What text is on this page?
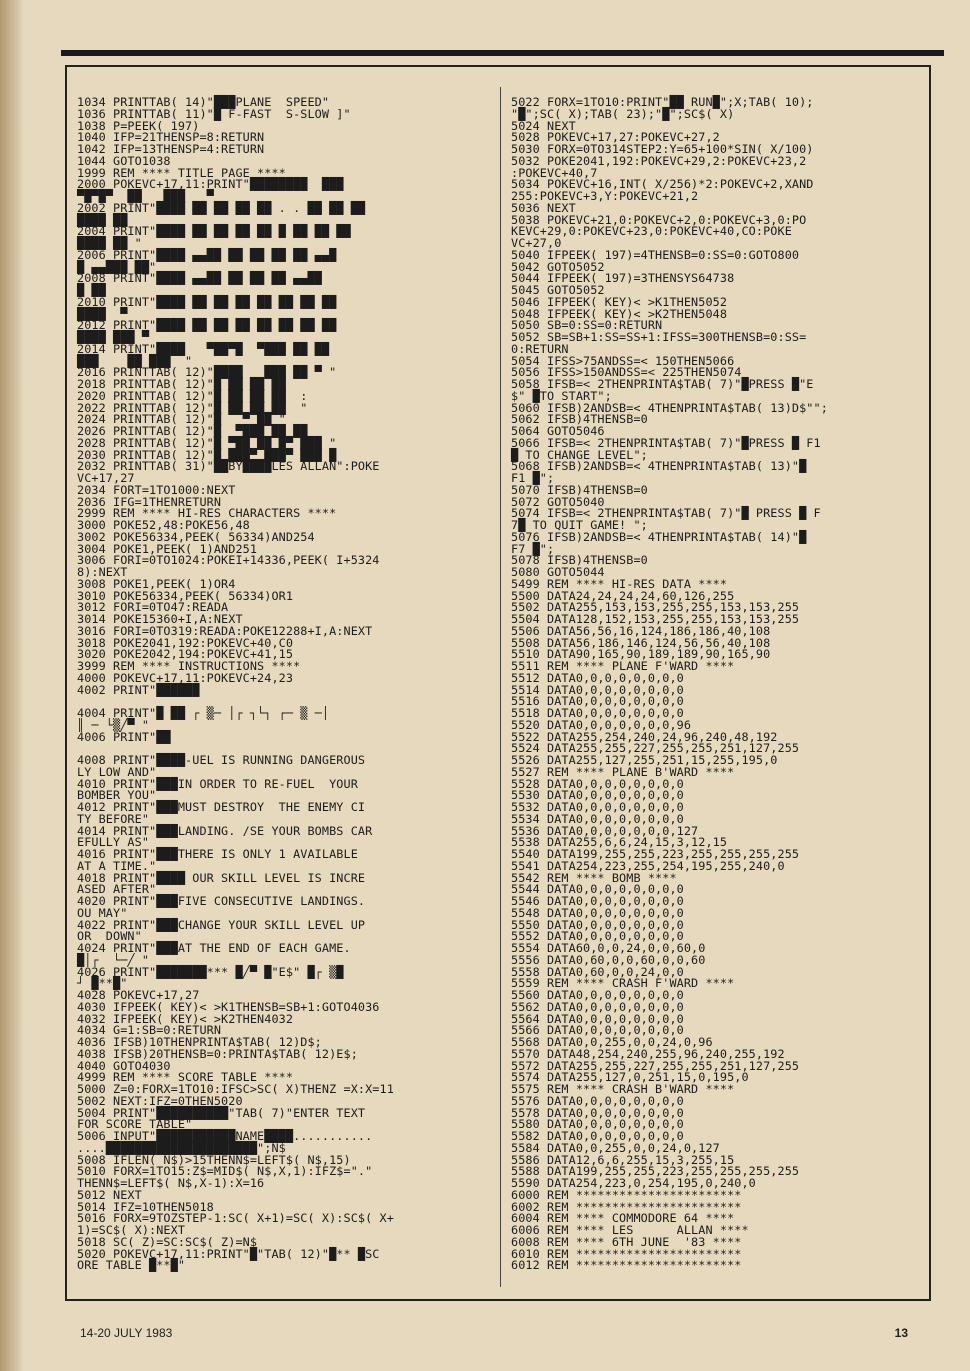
1034 PRINTTAB( 14)"███PLANE  SPEED"
1036 PRINTTAB( 11)"█ F-FAST  S-SLOW ]"
1038 P=PEEK( 197)
1040 IFP=21THENSP=8:RETURN
1042 IFP=13THENSP=4:RETURN
1044 GOTO1038
1999 REM **** TITLE PAGE ****
2000 POKEVC+17,11:PRINT"████████  ███
▀█▀█▀  ██   ███   ▀
2002 PRINT"████ ██ ██ ██ ██ . . ██ ██ ██
████ ██
2004 PRINT"████ ██ ██ ██ ██ █ ██ ██ ██
████ ██ "
2006 PRINT"████ ▄▄██ ██ ██ ██ ██ ▄▄█
█ ▄▄███ ██"
2008 PRINT"████ ▄▄██ ██ ██ ██ ▄▄██
█ ██
2010 PRINT"████ ██ ██ ██ ██ ██ ██ ██
████  ▀
2012 PRINT"████ ██ ██ ██ ██ ██ ██ ██
████ ███ ▀
2014 PRINT"████   ▀██▀█  ▀███ ██ ██
███    ██ ███  "
2016 PRINTTAB( 12)"████   ███ ██ ▀ "
2018 PRINTTAB( 12)"█ ██ ██ ██
2020 PRINTTAB( 12)"█ ██ ██ ██  :
2022 PRINTTAB( 12)"█ ██ ██ ██  "
2024 PRINTTAB( 12)"█   ▀ ██ "
2026 PRINTTAB( 12)"█  ▀███ ██ ██
2028 PRINTTAB( 12)"█ ▀██ ██ █▀ ███ "
2030 PRINTTAB( 12)"█ ███▀ ███▀ ███ █
2032 PRINTTAB( 31)"██BY████LES ALLAN":POKE
VC+17,27
2034 FORT=1TO1000:NEXT
2036 IFG=1THENRETURN
2999 REM **** HI-RES CHARACTERS ****
3000 POKE52,48:POKE56,48
3002 POKE56334,PEEK( 56334)AND254
3004 POKE1,PEEK( 1)AND251
3006 FORI=0TO1024:POKEI+14336,PEEK( I+5324
8):NEXT
3008 POKE1,PEEK( 1)OR4
3010 POKE56334,PEEK( 56334)OR1
3012 FORI=0TO47:READA
3014 POKE15360+I,A:NEXT
3016 FORI=0TO319:READA:POKE12288+I,A:NEXT
3018 POKE2041,192:POKEVC+40,C0
3020 POKE2042,194:POKEVC+41,15
3999 REM **** INSTRUCTIONS ****
4000 POKEVC+17,11:POKEVC+24,23
4002 PRINT"██████
4004 PRINT"█ ██ ┌ ▒─ │┌ ┐└┐ ┌─ ▒ ─│
║ ─ └▒╱▀ "
4006 PRINT"██
4008 PRINT"████-UEL IS RUNNING DANGEROUS
LY LOW AND"
4010 PRINT"███IN ORDER TO RE-FUEL  YOUR
BOMBER YOU"
4012 PRINT"███MUST DESTROY  THE ENEMY CI
TY BEFORE"
4014 PRINT"███LANDING. /SE YOUR BOMBS CAR
EFULLY AS"
4016 PRINT"███THERE IS ONLY 1 AVAILABLE
AT A TIME."
4018 PRINT"████ OUR SKILL LEVEL IS INCRE
ASED AFTER"
4020 PRINT"███FIVE CONSECUTIVE LANDINGS.
OU MAY"
4022 PRINT"███CHANGE YOUR SKILL LEVEL UP
OR  DOWN"
4024 PRINT"███AT THE END OF EACH GAME.
█│┌  └─╱ "
4026 PRINT"███████*** █╱▀ █"E$" █┌ ▒█
┘ █**█"
4028 POKEVC+17,27
4030 IFPEEK( KEY)< >K1THENSB=SB+1:GOTO4036
4032 IFPEEK( KEY)< >K2THEN4032
4034 G=1:SB=0:RETURN
4036 IFSB)10THENPRINTA$TAB( 12)D$;
4038 IFSB)20THENSB=0:PRINTA$TAB( 12)E$;
4040 GOTO4030
4999 REM **** SCORE TABLE ****
5000 Z=0:FORX=1TO10:IFSC>SC( X)THENZ =X:X=11
5002 NEXT:IFZ=0THEN5020
5004 PRINT"██████████"TAB( 7)"ENTER TEXT
FOR SCORE TABLE"
5006 INPUT"███████████NAME████...........
....█████████████████████";N$
5008 IFLEN( N$)>15THENN$=LEFT$( N$,15)
5010 FORX=1TO15:Z$=MID$( N$,X,1):IFZ$="."
THENN$=LEFT$( N$,X-1):X=16
5012 NEXT
5014 IFZ=10THEN5018
5016 FORX=9TOZSTEP-1:SC( X+1)=SC( X):SC$( X+
1)=SC$( X):NEXT
5018 SC( Z)=SC:SC$( Z)=N$
5020 POKEVC+17,11:PRINT"█"TAB( 12)"█** █SC
ORE TABLE █**█"
5022 FORX=1TO10:PRINT"██ RUN█";X;TAB( 10);
"█";SC( X);TAB( 23);"█";SC$( X)
5024 NEXT
5028 POKEVC+17,27:POKEVC+27,2
5030 FORX=0TO314STEP2:Y=65+100*SIN( X/100)
5032 POKE2041,192:POKEVC+29,2:POKEVC+23,2
:POKEVC+40,7
5034 POKEVC+16,INT( X/256)*2:POKEVC+2,XAND
255:POKEVC+3,Y:POKEVC+21,2
5036 NEXT
5038 POKEVC+21,0:POKEVC+2,0:POKEVC+3,0:PO
KEVC+29,0:POKEVC+23,0:POKEVC+40,CO:POKE
VC+27,0
5040 IFPEEK( 197)=4THENSB=0:SS=0:GOTO800
5042 GOTO5052
5044 IFPEEK( 197)=3THENSYS64738
5045 GOTO5052
5046 IFPEEK( KEY)< >K1THEN5052
5048 IFPEEK( KEY)< >K2THEN5048
5050 SB=0:SS=0:RETURN
5052 SB=SB+1:SS=SS+1:IFSS=300THENSB=0:SS=
0:RETURN
5054 IFSS>75ANDSS=< 150THEN5066
5056 IFSS>150ANDSS=< 225THEN5074
5058 IFSB=< 2THENPRINTA$TAB( 7)"█PRESS █"E
$" █TO START";
5060 IFSB)2ANDSB=< 4THENPRINTA$TAB( 13)D$"";
5062 IFSB)4THENSB=0
5064 GOTO5046
5066 IFSB=< 2THENPRINTA$TAB( 7)"█PRESS █ F1
█ TO CHANGE LEVEL";
5068 IFSB)2ANDSB=< 4THENPRINTA$TAB( 13)"█
F1 █";
5070 IFSB)4THENSB=0
5072 GOTO5040
5074 IFSB=< 2THENPRINTA$TAB( 7)"█ PRESS █ F
7█ TO QUIT GAME! ";
5076 IFSB)2ANDSB=< 4THENPRINTA$TAB( 14)"█
F7 █";
5078 IFSB)4THENSB=0
5080 GOTO5044
5499 REM **** HI-RES DATA ****
5500 DATA24,24,24,24,60,126,255
5502 DATA255,153,153,255,255,153,153,255
5504 DATA128,152,153,255,255,153,153,255
5506 DATA56,56,16,124,186,186,40,108
5508 DATA56,186,146,124,56,56,40,108
5510 DATA90,165,90,189,189,90,165,90
5511 REM **** PLANE F'WARD ****
5512 DATA0,0,0,0,0,0,0,0
5514 DATA0,0,0,0,0,0,0,0
5516 DATA0,0,0,0,0,0,0,0
5518 DATA0,0,0,0,0,0,0,0
5520 DATA0,0,0,0,0,0,0,96
5522 DATA255,254,240,24,96,240,48,192
5524 DATA255,255,227,255,255,251,127,255
5526 DATA255,127,255,251,15,255,195,0
5527 REM **** PLANE B'WARD ****
5528 DATA0,0,0,0,0,0,0,0
5530 DATA0,0,0,0,0,0,0,0
5532 DATA0,0,0,0,0,0,0,0
5534 DATA0,0,0,0,0,0,0,0
5536 DATA0,0,0,0,0,0,0,127
5538 DATA255,6,6,24,15,3,12,15
5540 DATA199,255,255,223,255,255,255,255
5541 DATA254,223,255,254,195,255,240,0
5542 REM **** BOMB ****
5544 DATA0,0,0,0,0,0,0,0
5546 DATA0,0,0,0,0,0,0,0
5548 DATA0,0,0,0,0,0,0,0
5550 DATA0,0,0,0,0,0,0,0
5552 DATA0,0,0,0,0,0,0,0
5554 DATA60,0,0,24,0,0,60,0
5556 DATA0,60,0,0,60,0,0,60
5558 DATA0,60,0,0,24,0,0
5559 REM **** CRASH F'WARD ****
5560 DATA0,0,0,0,0,0,0,0
5562 DATA0,0,0,0,0,0,0,0
5564 DATA0,0,0,0,0,0,0,0
5566 DATA0,0,0,0,0,0,0,0
5568 DATA0,0,255,0,0,24,0,96
5570 DATA48,254,240,255,96,240,255,192
5572 DATA255,255,227,255,255,251,127,255
5574 DATA255,127,0,251,15,0,195,0
5575 REM **** CRASH B'WARD ****
5576 DATA0,0,0,0,0,0,0,0
5578 DATA0,0,0,0,0,0,0,0
5580 DATA0,0,0,0,0,0,0,0
5582 DATA0,0,0,0,0,0,0,0
5584 DATA0,0,255,0,0,24,0,127
5586 DATA12,6,6,255,15,3,255,15
5588 DATA199,255,255,223,255,255,255,255
5590 DATA254,223,0,254,195,0,240,0
6000 REM ***********************
6002 REM ***********************
6004 REM **** COMMODORE 64 ****
6006 REM **** LES      ALLAN ****
6008 REM **** 6TH JUNE  '83 ****
6010 REM ***********************
6012 REM ***********************
14-20 JULY 1983	13
